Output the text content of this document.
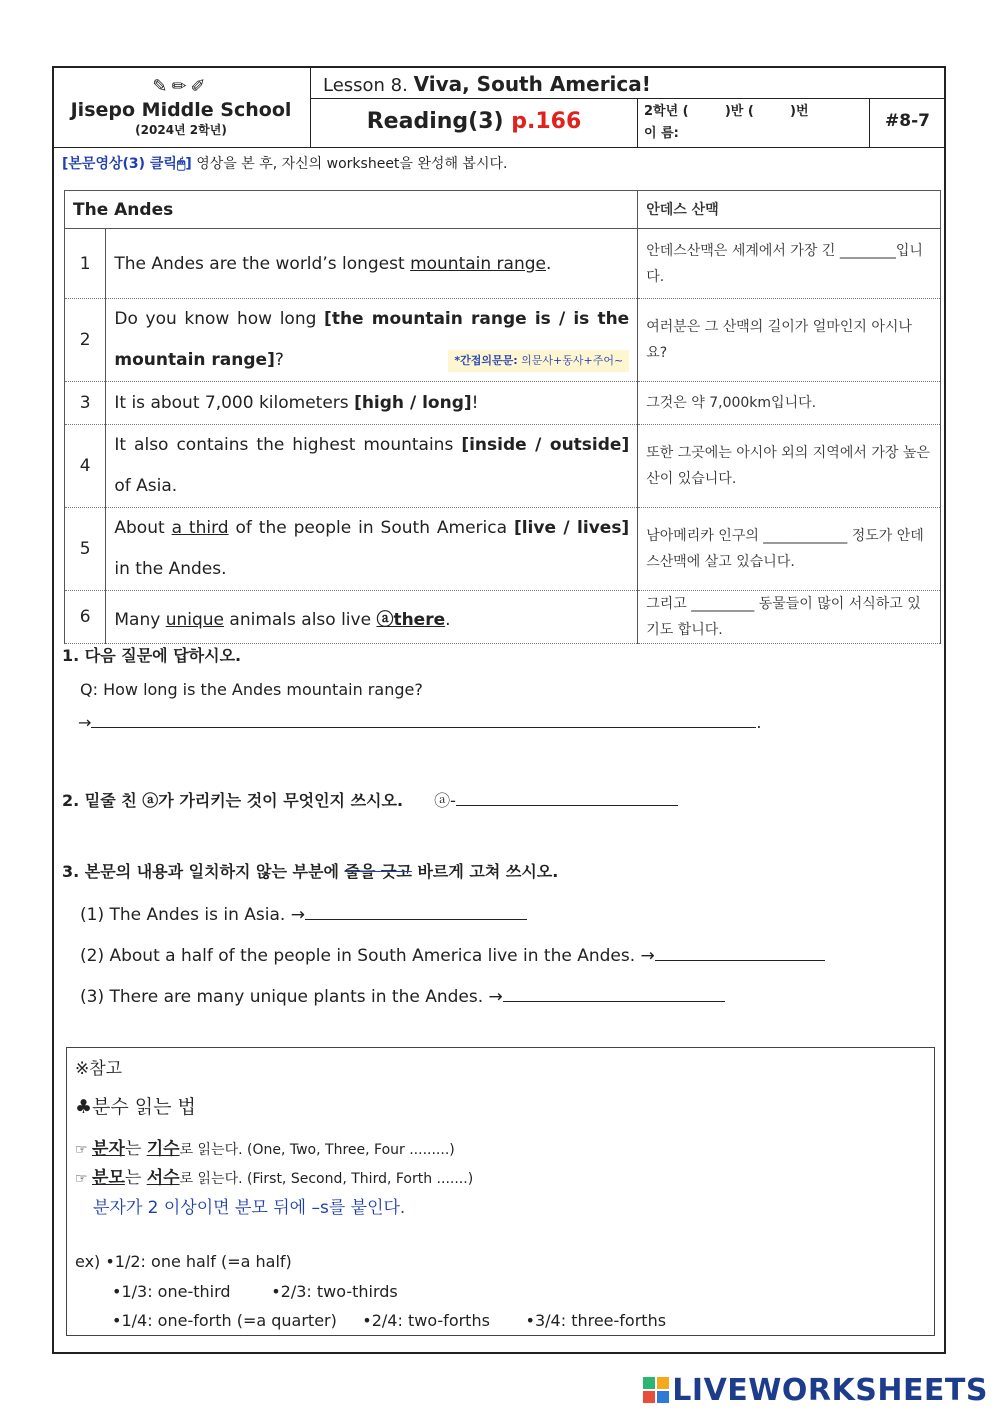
✎✏✐
Jisepo Middle School
(2024년 2학년)
Lesson 8. Viva, South America!
Reading(3) p.166	2학년 (        )반 (        )번
이 름:
#8-7
[본문영상(3) 클릭🖱] 영상을 본 후, 자신의 worksheet을 완성해 봅시다.
The Andes		안데스 산맥
1	The Andes are the world’s longest mountain range.	안데스산맥은 세계에서 가장 긴 ________입니다.
2	Do you know how long [the mountain range is / is the mountain range]? *간접의문문: 의문사+동사+주어~	여러분은 그 산맥의 길이가 얼마인지 아시나요?
3	It is about 7,000 kilometers [high / long]!	그것은 약 7,000km입니다.
4	It also contains the highest mountains [inside / outside] of Asia.	또한 그곳에는 아시아 외의 지역에서 가장 높은 산이 있습니다.
5	About a third of the people in South America [live / lives] in the Andes.	남아메리카 인구의 ____________ 정도가 안데스산맥에 살고 있습니다.
6	Many unique animals also live ⓐthere.	그리고 _________ 동물들이 많이 서식하고 있기도 합니다.
1. 다음 질문에 답하시오.
Q: How long is the Andes mountain range?
→	.
2. 밑줄 친 ⓐ가 가리키는 것이 무엇인지 쓰시오. ⓐ-
3. 본문의 내용과 일치하지 않는 부분에 줄을 긋고 바르게 고쳐 쓰시오.
(1) The Andes is in Asia. →
(2) About a half of the people in South America live in the Andes. →
(3) There are many unique plants in the Andes. →
※참고
♣분수 읽는 법
☞ 분자는 기수로 읽는다. (One, Two, Three, Four .........)
☞ 분모는 서수로 읽는다. (First, Second, Third, Forth .......)
분자가 2 이상이면 분모 뒤에 –s를 붙인다.
ex) •1/2: one half (=a half)
•1/3: one-third        •2/3: two-thirds
•1/4: one-forth (=a quarter)     •2/4: two-forths       •3/4: three-forths
LIVEWORKSHEETS
